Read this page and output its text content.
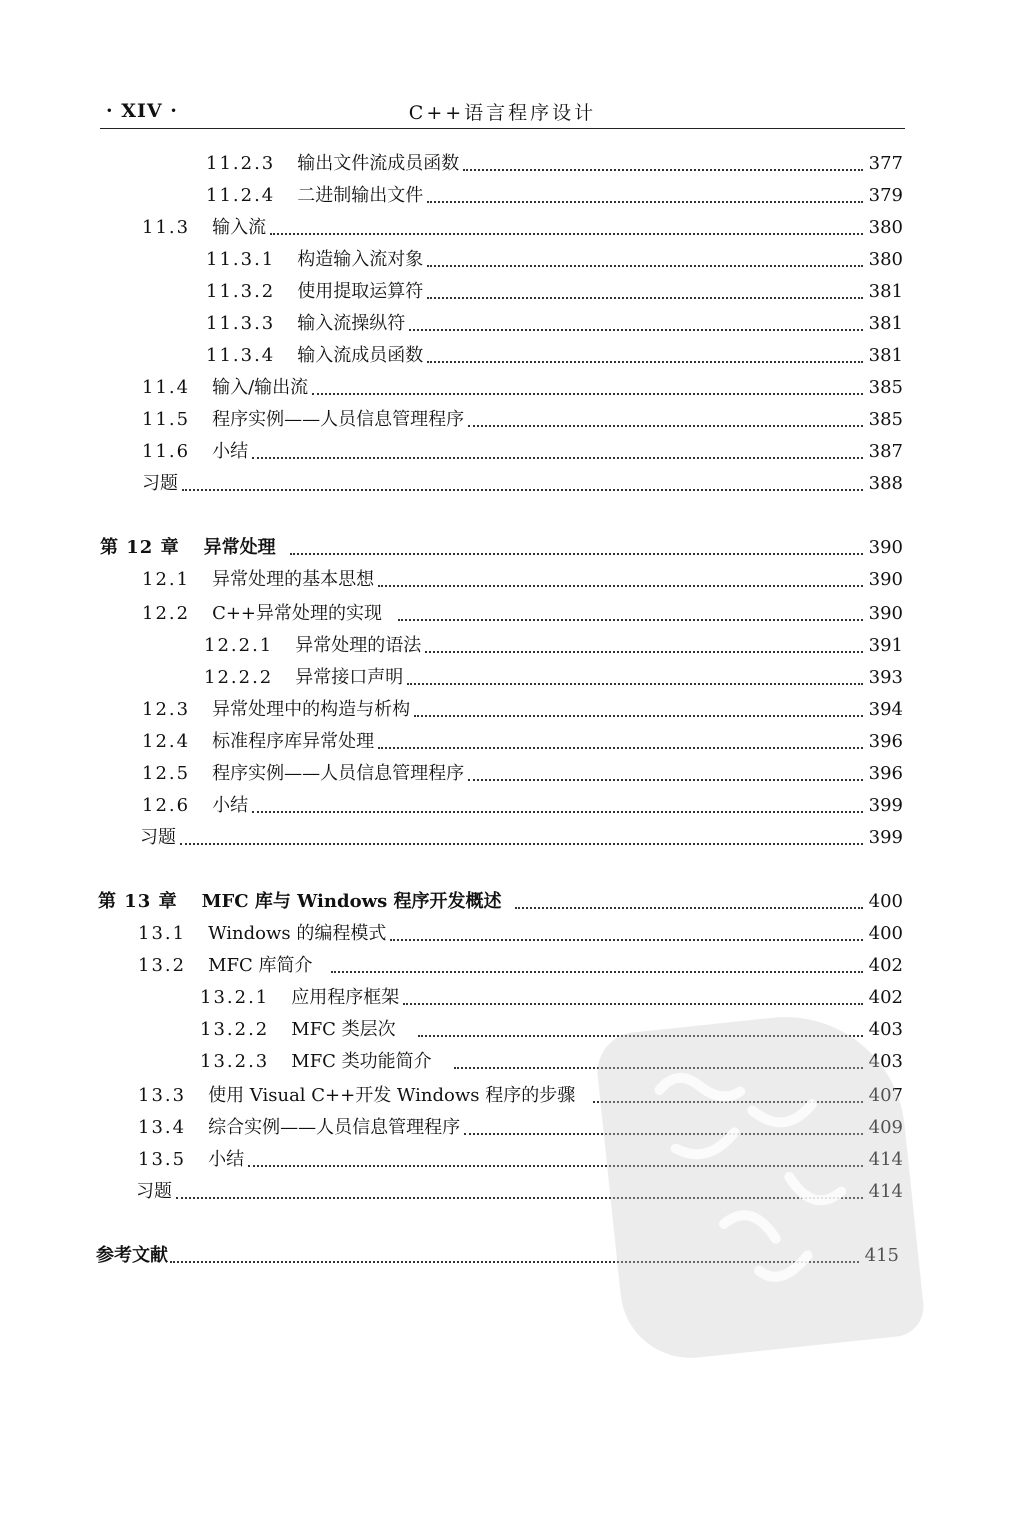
· XIV ·	C++语言程序设计
11.2.3 输出文件流成员函数	377
11.2.4 二进制输出文件	379
11.3 输入流	380
11.3.1 构造输入流对象	380
11.3.2 使用提取运算符	381
11.3.3 输入流操纵符	381
11.3.4 输入流成员函数	381
11.4 输入/输出流	385
11.5 程序实例——人员信息管理程序	385
11.6 小结	387
习题	388
第 12 章 异常处理	390
12.1 异常处理的基本思想	390
12.2 C++异常处理的实现	390
12.2.1 异常处理的语法	391
12.2.2 异常接口声明	393
12.3 异常处理中的构造与析构	394
12.4 标准程序库异常处理	396
12.5 程序实例——人员信息管理程序	396
12.6 小结	399
习题	399
第 13 章 MFC 库与 Windows 程序开发概述	400
13.1 Windows 的编程模式	400
13.2 MFC 库简介	402
13.2.1 应用程序框架	402
13.2.2 MFC 类层次	403
13.2.3 MFC 类功能简介	403
13.3 使用 Visual C++开发 Windows 程序的步骤	407
13.4 综合实例——人员信息管理程序	409
13.5 小结	414
习题	414
参考文献	415
